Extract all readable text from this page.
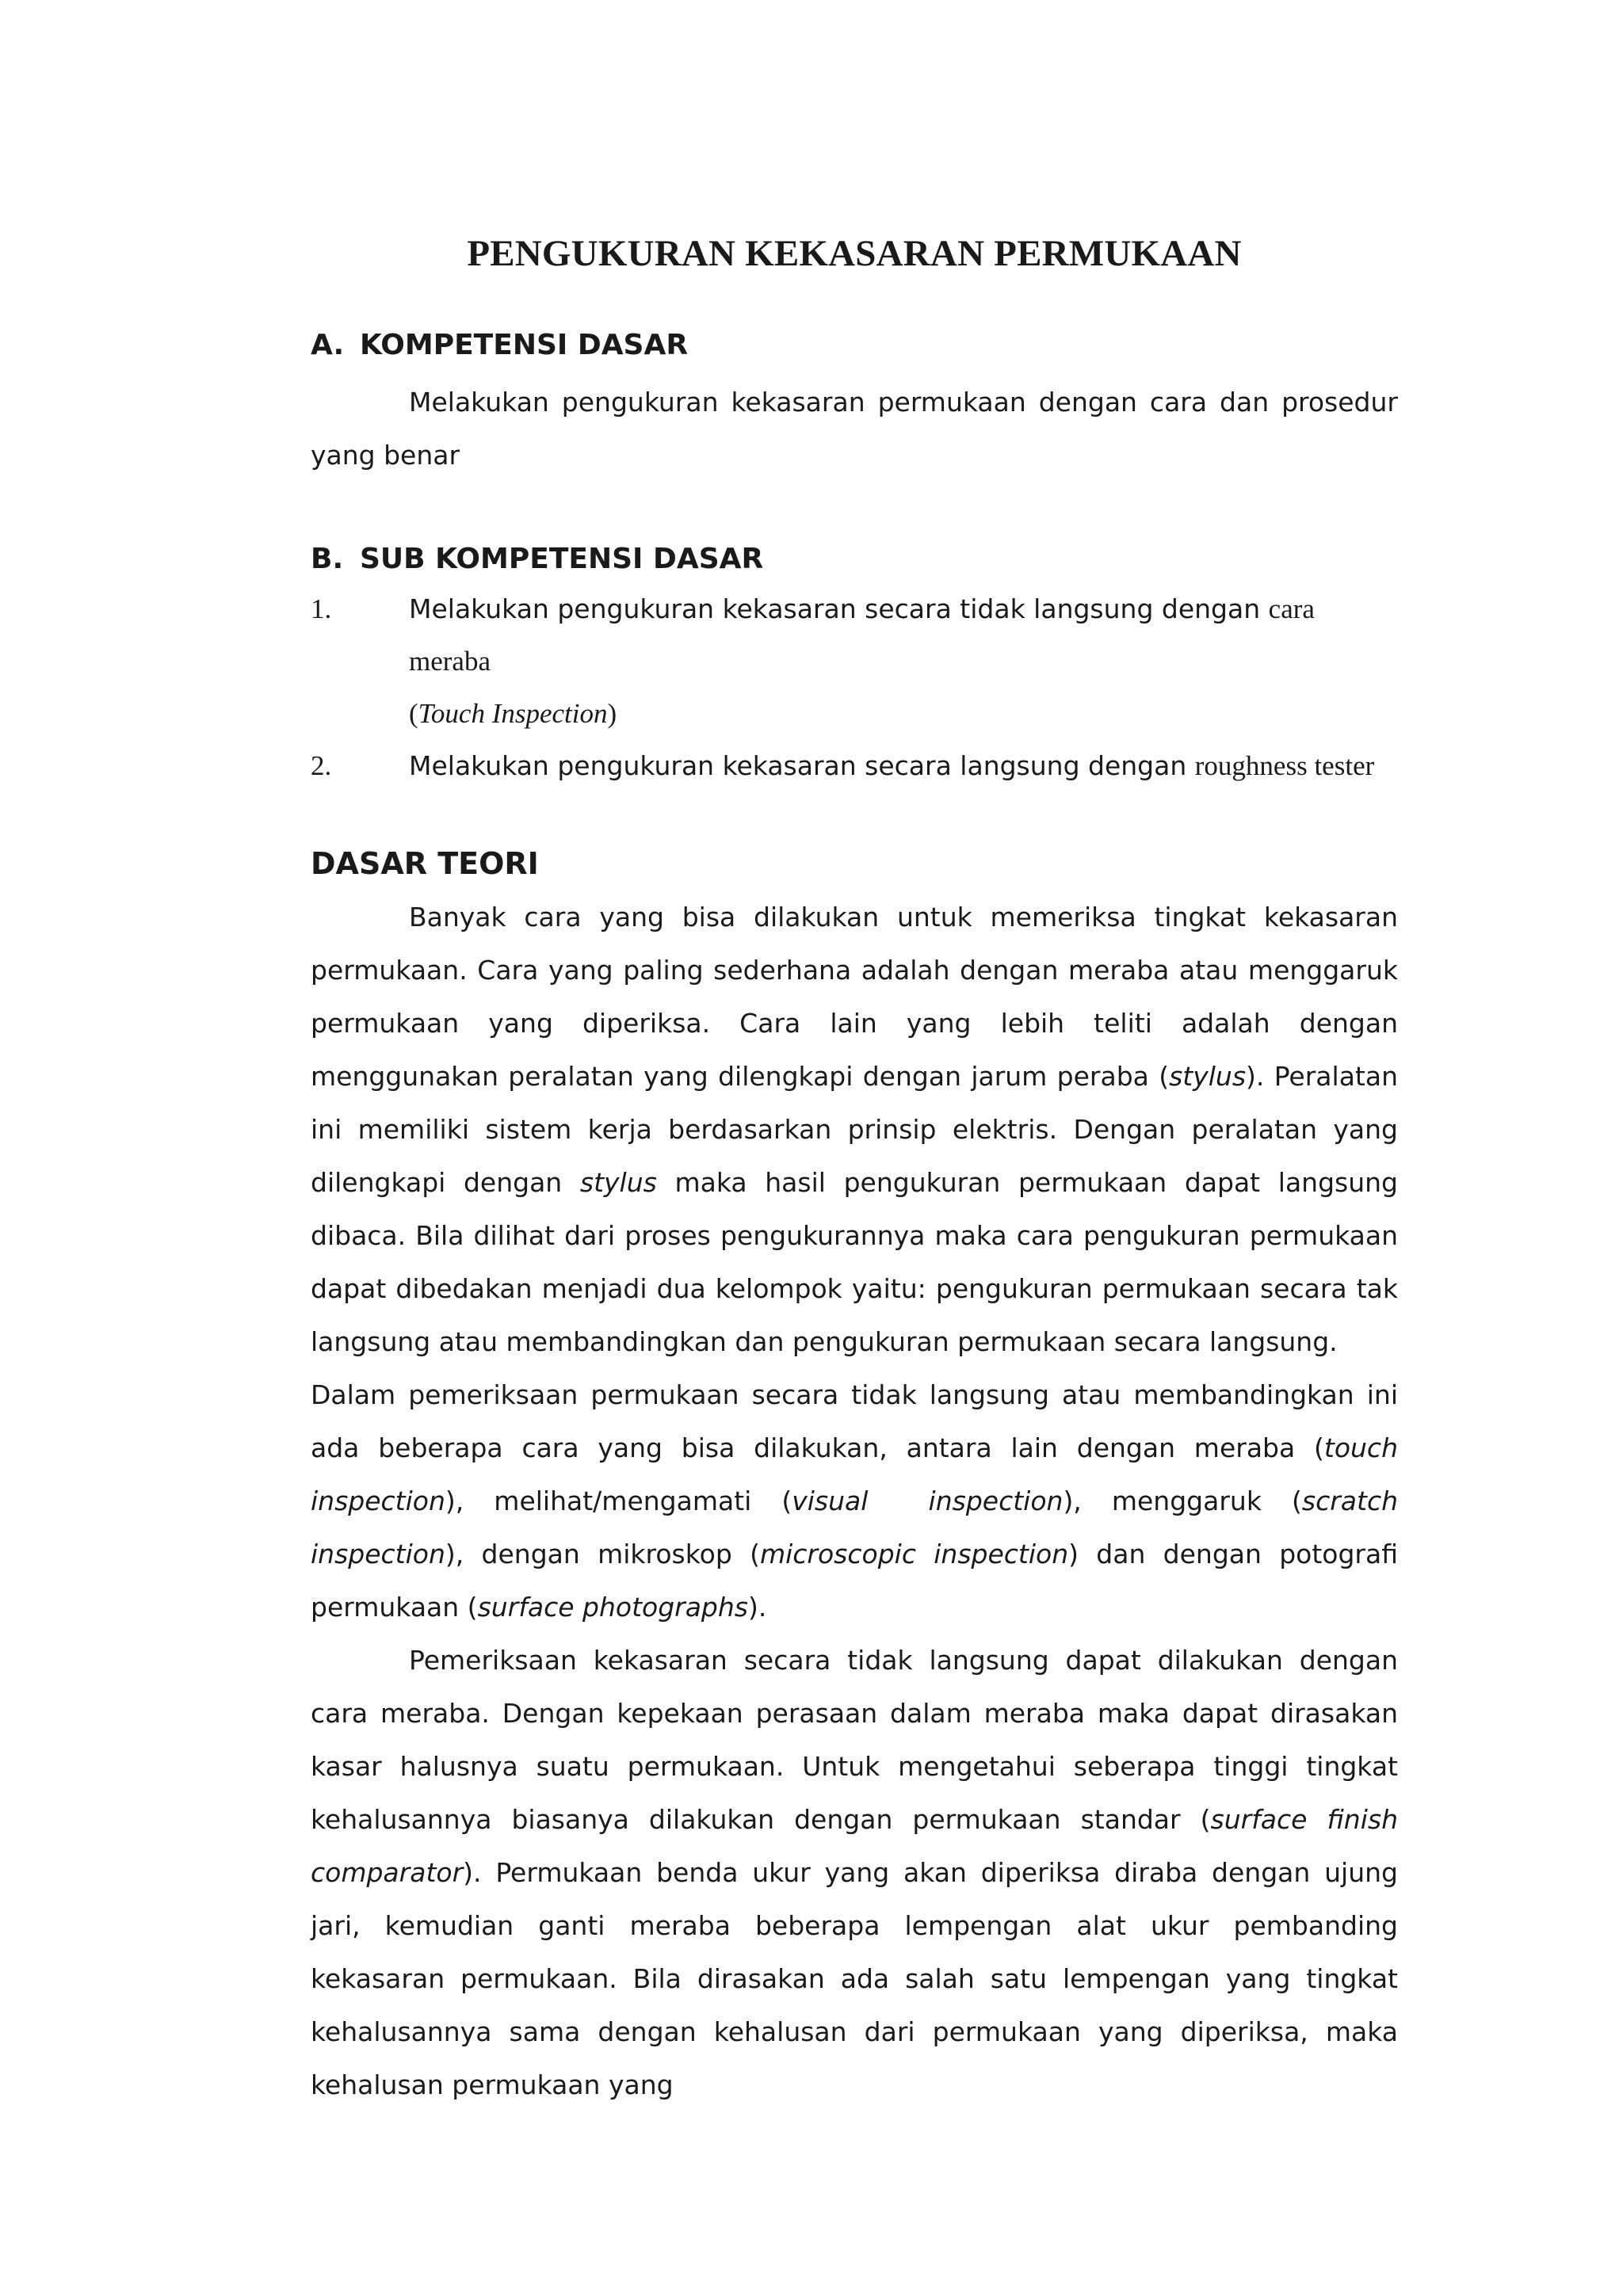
PENGUKURAN KEKASARAN PERMUKAAN
A. KOMPETENSI DASAR

Melakukan pengukuran kekasaran permukaan dengan cara dan prosedur yang benar

B. SUB KOMPETENSI DASAR
1.	Melakukan pengukuran kekasaran secara tidak langsung dengan cara meraba
(Touch Inspection)
2.	Melakukan pengukuran kekasaran secara langsung dengan roughness tester
DASAR TEORI

Banyak cara yang bisa dilakukan untuk memeriksa tingkat kekasaran permukaan. Cara yang paling sederhana adalah dengan meraba atau menggaruk permukaan yang diperiksa. Cara lain yang lebih teliti adalah dengan menggunakan peralatan yang dilengkapi dengan jarum peraba (stylus). Peralatan ini memiliki sistem kerja berdasarkan prinsip elektris. Dengan peralatan yang dilengkapi dengan stylus maka hasil pengukuran permukaan dapat langsung dibaca. Bila dilihat dari proses pengukurannya maka cara pengukuran permukaan dapat dibedakan menjadi dua kelompok yaitu: pengukuran permukaan secara tak langsung atau membandingkan dan pengukuran permukaan secara langsung.

Dalam pemeriksaan permukaan secara tidak langsung atau membandingkan ini ada beberapa cara yang bisa dilakukan, antara lain dengan meraba (touch inspection), melihat/mengamati (visual  inspection), menggaruk (scratch inspection), dengan mikroskop (microscopic inspection) dan dengan potografi permukaan (surface photographs).

Pemeriksaan kekasaran secara tidak langsung dapat dilakukan dengan cara meraba. Dengan kepekaan perasaan dalam meraba maka dapat dirasakan kasar halusnya suatu permukaan. Untuk mengetahui seberapa tinggi tingkat kehalusannya biasanya dilakukan dengan permukaan standar (surface finish comparator). Permukaan benda ukur yang akan diperiksa diraba dengan ujung jari, kemudian ganti meraba beberapa lempengan alat ukur pembanding kekasaran permukaan. Bila dirasakan ada salah satu lempengan yang tingkat kehalusannya sama dengan kehalusan dari permukaan yang diperiksa, maka kehalusan permukaan yang
